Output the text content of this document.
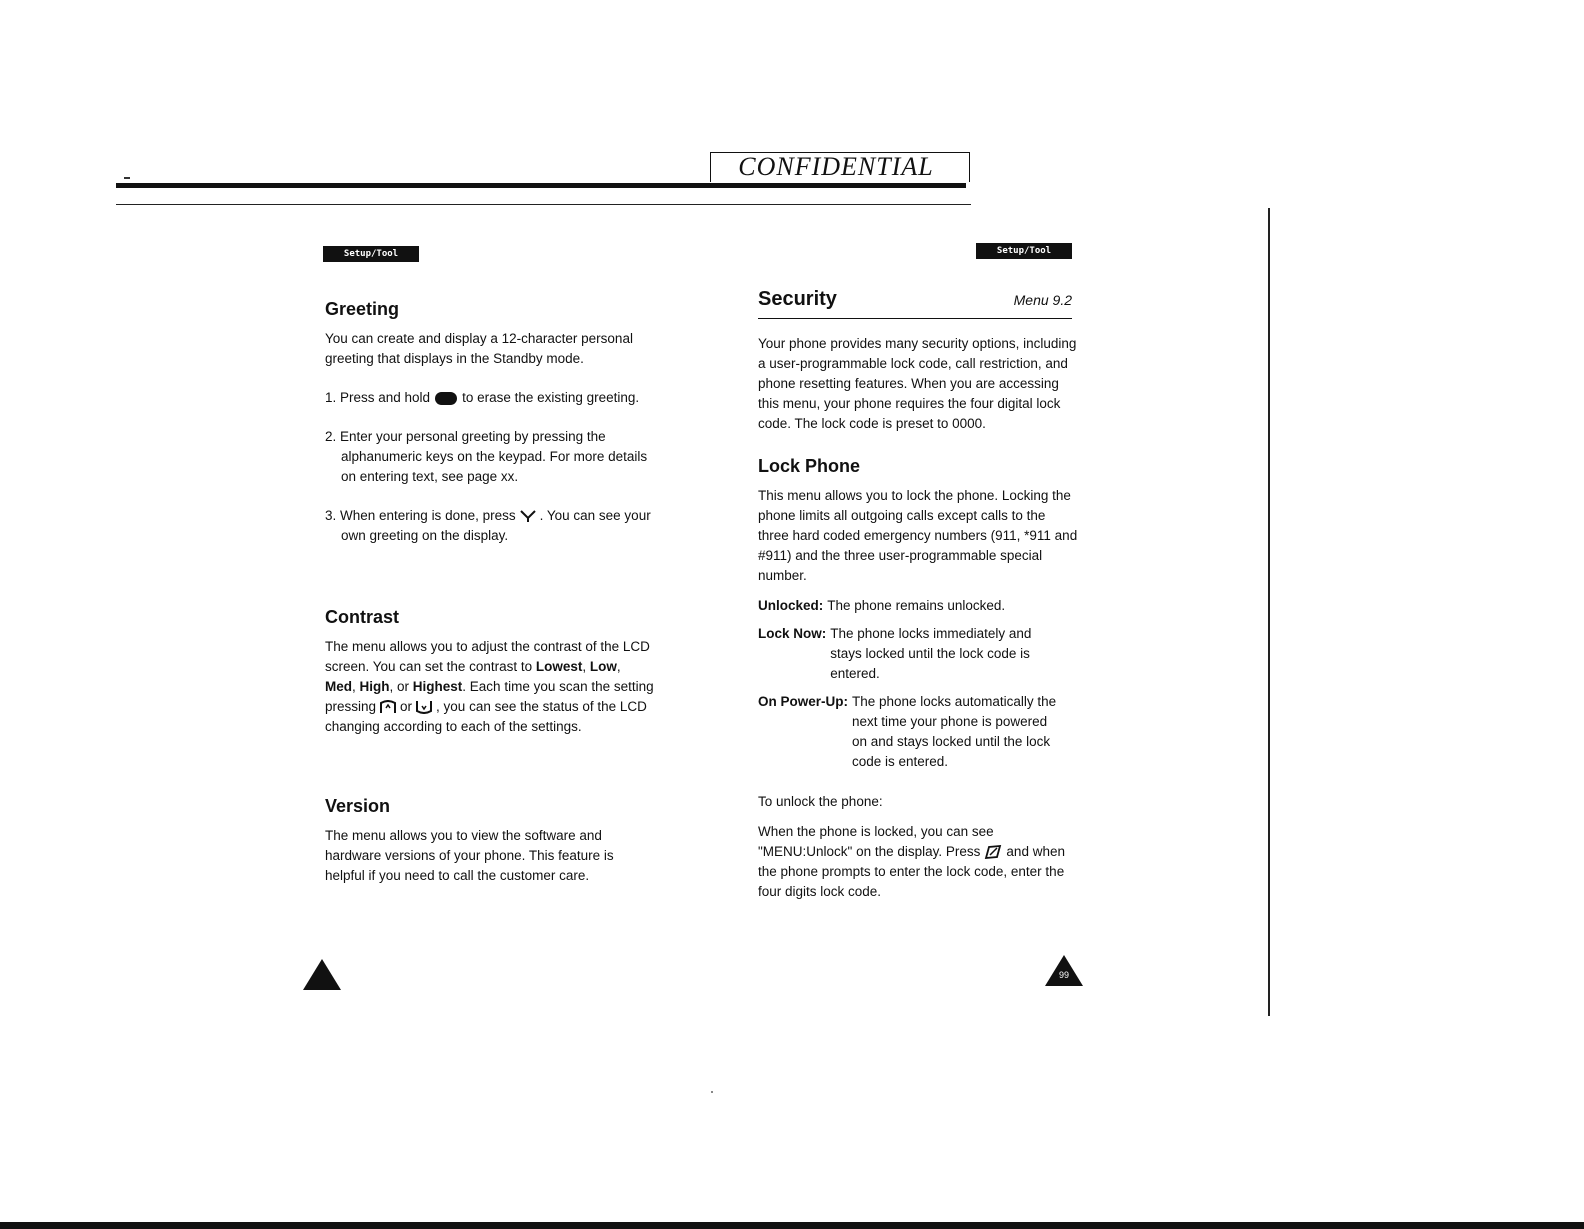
CONFIDENTIAL
Setup/Tool	Setup/Tool
Greeting

You can create and display a 12-character personal greeting that displays in the Standby mode.

1. Press and hold to erase the existing greeting.

2. Enter your personal greeting by pressing the alphanumeric keys on the keypad. For more details on entering text, see page xx.

3. When entering is done, press . You can see your own greeting on the display.

Contrast

The menu allows you to adjust the contrast of the LCD screen. You can set the contrast to Lowest, Low, Med, High, or Highest. Each time you scan the setting pressing or , you can see the status of the LCD changing according to each of the settings.

Version

The menu allows you to view the software and hardware versions of your phone. This feature is helpful if you need to call the customer care.

Security	Menu 9.2
Your phone provides many security options, including a user-programmable lock code, call restriction, and phone resetting features. When you are accessing this menu, your phone requires the four digital lock code. The lock code is preset to 0000.
Lock Phone

This menu allows you to lock the phone. Locking the phone limits all outgoing calls except calls to the three hard coded emergency numbers (911, *911 and #911) and the three user-programmable special number.

Unlocked: The phone remains unlocked.
Lock Now: The phone locks immediately and stays locked until the lock code is entered.
On Power-Up: The phone locks automatically the next time your phone is powered on and stays locked until the lock code is entered.

To unlock the phone:

When the phone is locked, you can see "MENU:Unlock" on the display. Press and when the phone prompts to enter the lock code, enter the four digits lock code.

99
